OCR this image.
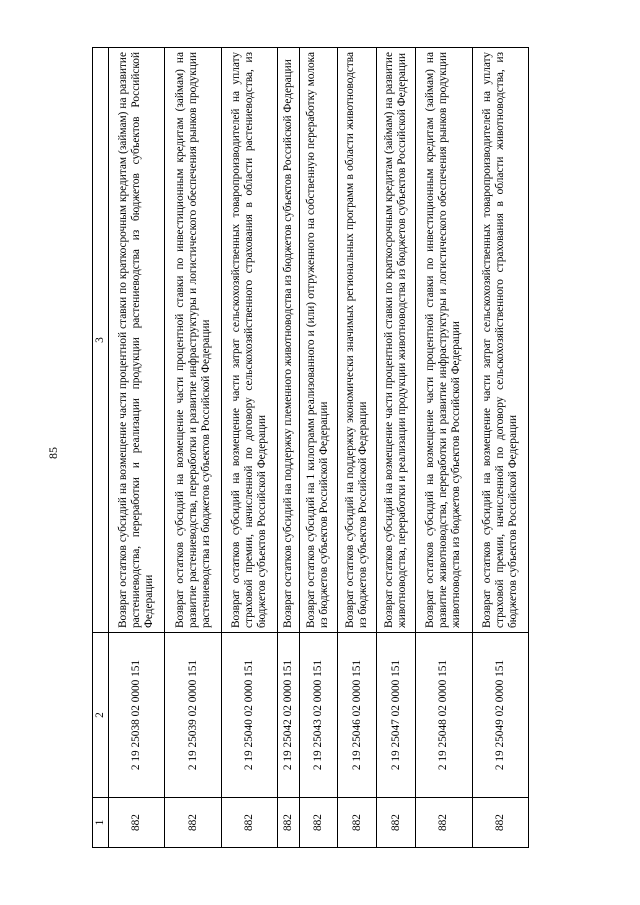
85
1	2	3
882	2 19 25038 02 0000 151	Возврат остатков субсидий на возмещение части процентной ставки по краткосрочным кредитам (займам) на развитие растениеводства, переработки и реализации продукции растениеводства из бюджетов субъектов Российской Федерации
882	2 19 25039 02 0000 151	Возврат остатков субсидий на возмещение части процентной ставки по инвестиционным кредитам (займам) на развитие растениеводства, переработки и развитие инфраструктуры и логистического обеспечения рынков продукции растениеводства из бюджетов субъектов Российской Федерации
882	2 19 25040 02 0000 151	Возврат остатков субсидий на возмещение части затрат сельскохозяйственных товаропроизводителей на уплату страховой премии, начисленной по договору сельскохозяйственного страхования в области растениеводства, из бюджетов субъектов Российской Федерации
882	2 19 25042 02 0000 151	Возврат остатков субсидий на поддержку племенного животноводства из бюджетов субъектов Российской Федерации
882	2 19 25043 02 0000 151	Возврат остатков субсидий на 1 килограмм реализованного и (или) отгруженного на собственную переработку молока из бюджетов субъектов Российской Федерации
882	2 19 25046 02 0000 151	Возврат остатков субсидий на поддержку экономически значимых региональных программ в области животноводства из бюджетов субъектов Российской Федерации
882	2 19 25047 02 0000 151	Возврат остатков субсидий на возмещение части процентной ставки по краткосрочным кредитам (займам) на развитие животноводства, переработки и реализации продукции животноводства из бюджетов субъектов Российской Федерации
882	2 19 25048 02 0000 151	Возврат остатков субсидий на возмещение части процентной ставки по инвестиционным кредитам (займам) на развитие животноводства, переработки и развитие инфраструктуры и логистического обеспечения рынков продукции животноводства из бюджетов субъектов Российской Федерации
882	2 19 25049 02 0000 151	Возврат остатков субсидий на возмещение части затрат сельскохозяйственных товаропроизводителей на уплату страховой премии, начисленной по договору сельскохозяйственного страхования в области животноводства, из бюджетов субъектов Российской Федерации
